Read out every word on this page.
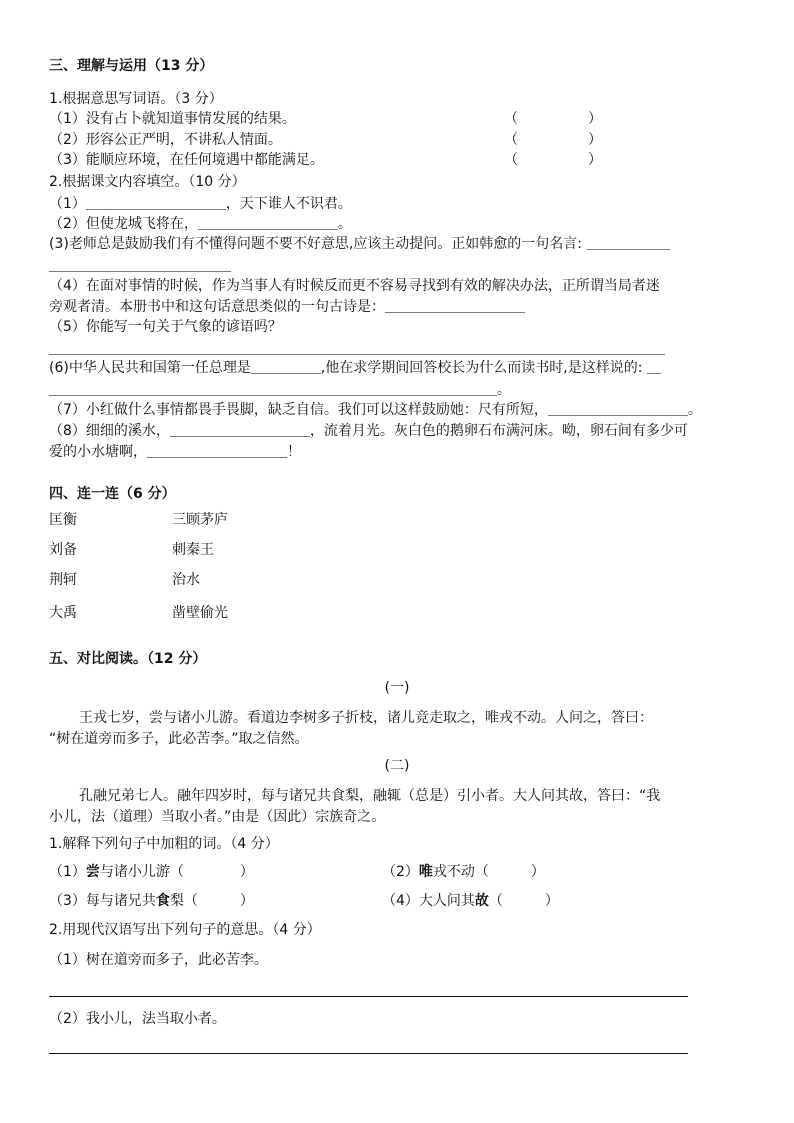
三、理解与运用（13 分）
1.根据意思写词语。（3 分）
（1）没有占卜就知道事情发展的结果。	（　　　　　）
（2）形容公正严明，不讲私人情面。	（　　　　　）
（3）能顺应环境，在任何境遇中都能满足。	（　　　　　）
2.根据课文内容填空。（10 分）
（1）＿＿＿＿＿＿＿＿＿＿，天下谁人不识君。
（2）但使龙城飞将在，＿＿＿＿＿＿＿＿＿＿。
(3)老师总是鼓励我们有不懂得问题不要不好意思,应该主动提问。正如韩愈的一句名言: ＿＿＿＿＿＿
＿＿＿＿＿＿＿＿＿＿＿＿＿
（4）在面对事情的时候，作为当事人有时候反而更不容易寻找到有效的解决办法，正所谓当局者迷
旁观者清。本册书中和这句话意思类似的一句古诗是：＿＿＿＿＿＿＿＿＿＿
（5）你能写一句关于气象的谚语吗？
＿＿＿＿＿＿＿＿＿＿＿＿＿＿＿＿＿＿＿＿＿＿＿＿＿＿＿＿＿＿＿＿＿＿＿＿＿＿＿＿＿＿＿＿
(6)中华人民共和国第一任总理是＿＿＿＿＿,他在求学期间回答校长为什么而读书时,是这样说的: ＿
＿＿＿＿＿＿＿＿＿＿＿＿＿＿＿＿＿＿＿＿＿＿＿＿＿＿＿＿＿＿＿＿。
（7）小红做什么事情都畏手畏脚，缺乏自信。我们可以这样鼓励她：尺有所短，＿＿＿＿＿＿＿＿＿＿。
（8）细细的溪水，＿＿＿＿＿＿＿＿＿＿，流着月光。灰白色的鹅卵石布满河床。呦，卵石间有多少可
爱的小水塘啊，＿＿＿＿＿＿＿＿＿＿！
四、连一连（6 分）
匡衡	三顾茅庐
刘备	刺秦王
荆轲	治水
大禹	凿壁偷光
五、对比阅读。（12 分）
(一)
王戎七岁，尝与诸小儿游。看道边李树多子折枝，诸儿竞走取之，唯戎不动。人问之，答曰：
“树在道旁而多子，此必苦李。”取之信然。
(二)
孔融兄弟七人。融年四岁时，每与诸兄共食梨，融辄（总是）引小者。大人问其故，答曰：“我
小儿，法（道理）当取小者。”由是（因此）宗族奇之。
1.解释下列句子中加粗的词。（4 分）
（1）尝与诸小儿游（　　　　）	（2）唯戎不动（　　　）
（3）每与诸兄共食梨（　　　）	（4）大人问其故（　　　）
2.用现代汉语写出下列句子的意思。（4 分）
（1）树在道旁而多子，此必苦李。
（2）我小儿，法当取小者。
